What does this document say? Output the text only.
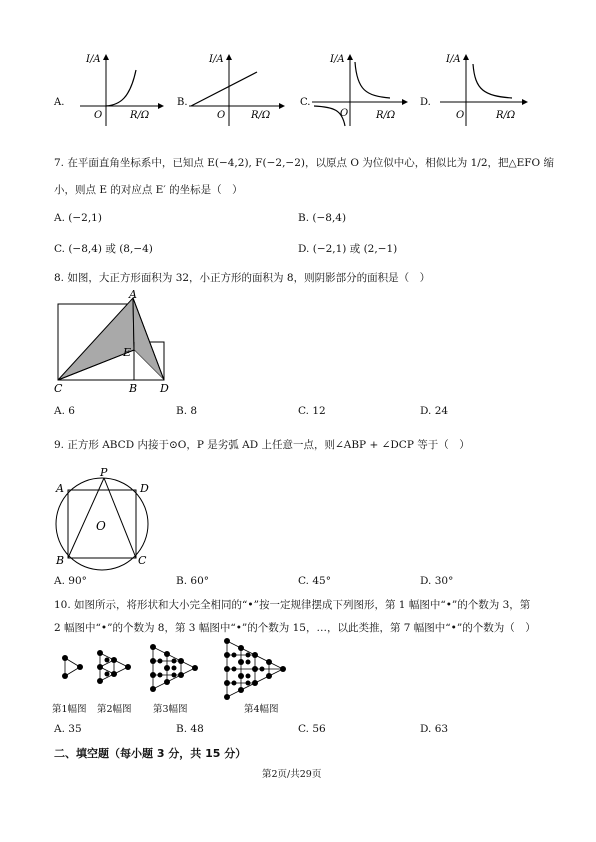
A.
I/A
O	R/Ω
B.
I/A
O	R/Ω
C.
I/A
O	R/Ω
D.
I/A
O	R/Ω
7. 在平面直角坐标系中，已知点 E(−4,2), F(−2,−2)，以原点 O 为位似中心，相似比为 1/2，把△EFO 缩
小，则点 E 的对应点 E′ 的坐标是（　）
A. (−2,1)	B. (−8,4)
C. (−8,4) 或 (8,−4)	D. (−2,1) 或 (2,−1)
8. 如图，大正方形面积为 32，小正方形的面积为 8，则阴影部分的面积是（　）
A
E
C	B D
A. 6	B. 8	C. 12	D. 24
9. 正方形 ABCD 内接于⊙O，P 是劣弧 AD 上任意一点，则∠ABP + ∠DCP 等于（　）
A
P
D
O
B	C
A. 90°	B. 60°	C. 45°	D. 30°
10. 如图所示，将形状和大小完全相同的“•”按一定规律摆成下列图形，第 1 幅图中“•”的个数为 3，第
2 幅图中“•”的个数为 8，第 3 幅图中“•”的个数为 15，…，以此类推，第 7 幅图中“•”的个数为（　）
第1幅图 第2幅图 第3幅图	第4幅图
A. 35	B. 48	C. 56	D. 63
二、填空题（每小题 3 分，共 15 分）
第2页/共29页
